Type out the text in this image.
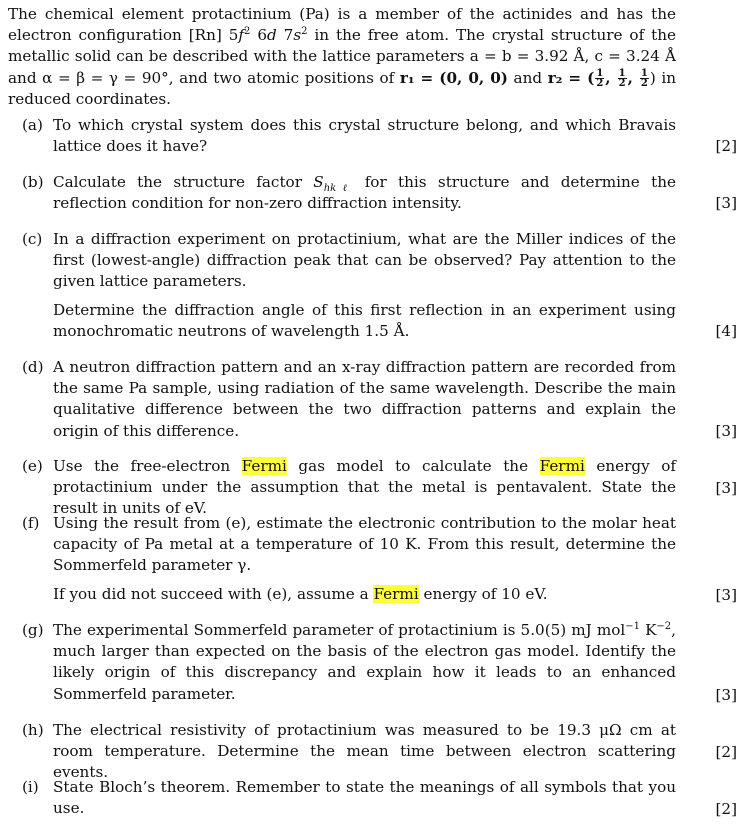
The chemical element protactinium (Pa) is a member of the actinides and has the electron configuration [Rn] $5f^2$ 6d $7s^2$ in the free atom. The crystal structure of the metallic solid can be described with the lattice parameters a = b = 3.92 Å, c = 3.24 Å and α = β = γ = 90°, and two atomic positions of r₁ = (0, 0, 0) and r₂ = ( $\frac{1}{2}$ , $\frac{1}{2}$ , $\frac{1}{2}$ ) in reduced coordinates.

(a) To which crystal system does this crystal structure belong, and which Bravais lattice does it have?	[2]
(b) Calculate the structure factor $S_{hk\ell}$ for this structure and determine the reflection condition for non-zero diffraction intensity.	[3]
(c) In a diffraction experiment on protactinium, what are the Miller indices of the first (lowest-angle) diffraction peak that can be observed? Pay attention to the given lattice parameters.

Determine the diffraction angle of this first reflection in an experiment using monochromatic neutrons of wavelength 1.5 Å.	[4]
(d) A neutron diffraction pattern and an x-ray diffraction pattern are recorded from the same Pa sample, using radiation of the same wavelength. Describe the main qualitative difference between the two diffraction patterns and explain the origin of this difference.	[3]
(e) Use the free-electron Fermi gas model to calculate the Fermi energy of protactinium under the assumption that the metal is pentavalent. State the result in units of eV.

[3]
(f) Using the result from (e), estimate the electronic contribution to the molar heat capacity of Pa metal at a temperature of 10 K. From this result, determine the Sommerfeld parameter γ.

If you did not succeed with (e), assume a Fermi energy of 10 eV.	[3]
(g) The experimental Sommerfeld parameter of protactinium is 5.0(5) mJ mol$^{-1}$ $K^{-2}$, much larger than expected on the basis of the electron gas model. Identify the likely origin of this discrepancy and explain how it leads to an enhanced Sommerfeld parameter.	[3]
(h) The electrical resistivity of protactinium was measured to be 19.3 μΩ cm at room temperature. Determine the mean time between electron scattering events.

[2]
(i) State Bloch’s theorem. Remember to state the meanings of all symbols that you use.	[2]
